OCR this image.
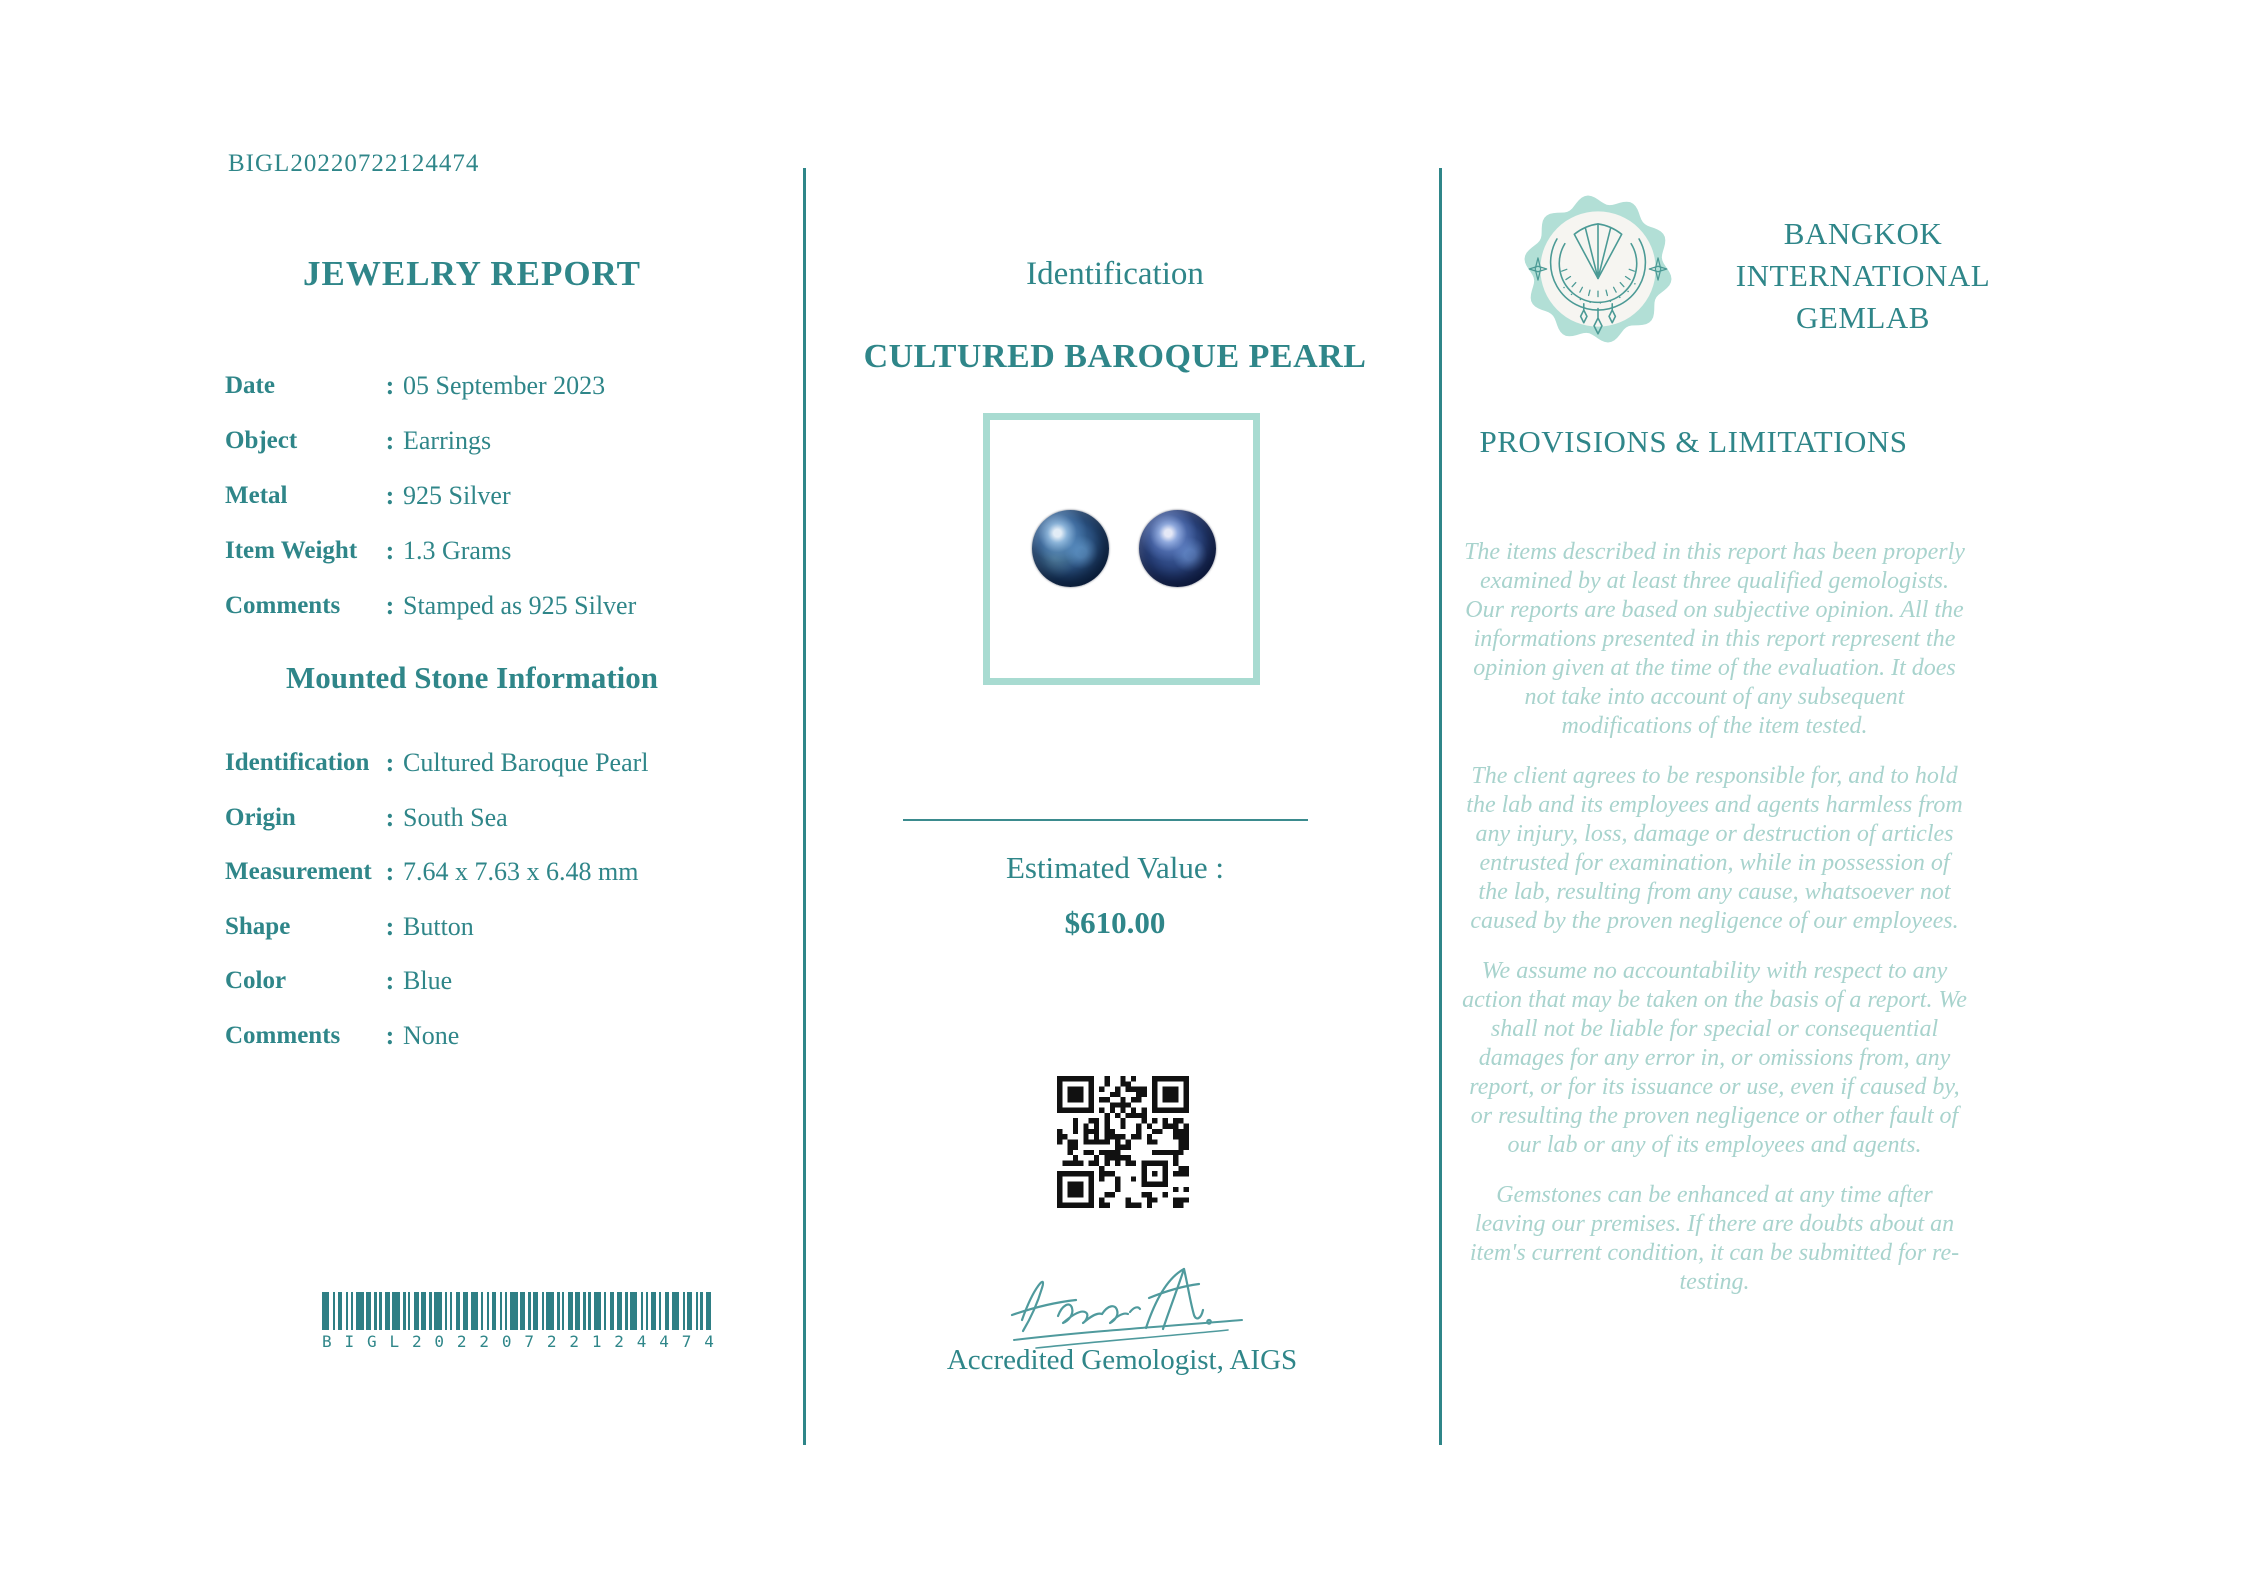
BIGL20220722124474
JEWELRY REPORT
Date	: 05 September 2023
Object	: Earrings
Metal	: 925 Silver
Item Weight	: 1.3 Grams
Comments	: Stamped as 925 Silver
Mounted Stone Information
Identification : Cultured Baroque Pearl
Origin	: South Sea
Measurement : 7.64 x 7.63 x 6.48 mm
Shape	: Button
Color	: Blue
Comments	: None
B I G L 2 0 2 2 0 7 2 2 1 2 4 4 7 4
Identification
CULTURED BAROQUE PEARL
Estimated Value :
$610.00
Accredited Gemologist, AIGS
BANGKOK
INTERNATIONAL
GEMLAB
PROVISIONS & LIMITATIONS

The items described in this report has been properly examined by at least three qualified gemologists. Our reports are based on subjective opinion. All the informations presented in this report represent the opinion given at the time of the evaluation. It does not take into account of any subsequent modifications of the item tested.

The client agrees to be responsible for, and to hold the lab and its employees and agents harmless from any injury, loss, damage or destruction of articles entrusted for examination, while in possession of the lab, resulting from any cause, whatsoever not caused by the proven negligence of our employees.

We assume no accountability with respect to any action that may be taken on the basis of a report. We shall not be liable for special or consequential damages for any error in, or omissions from, any report, or for its issuance or use, even if caused by, or resulting the proven negligence or other fault of our lab or any of its employees and agents.

Gemstones can be enhanced at any time after leaving our premises. If there are doubts about an item's current condition, it can be submitted for re-testing.
